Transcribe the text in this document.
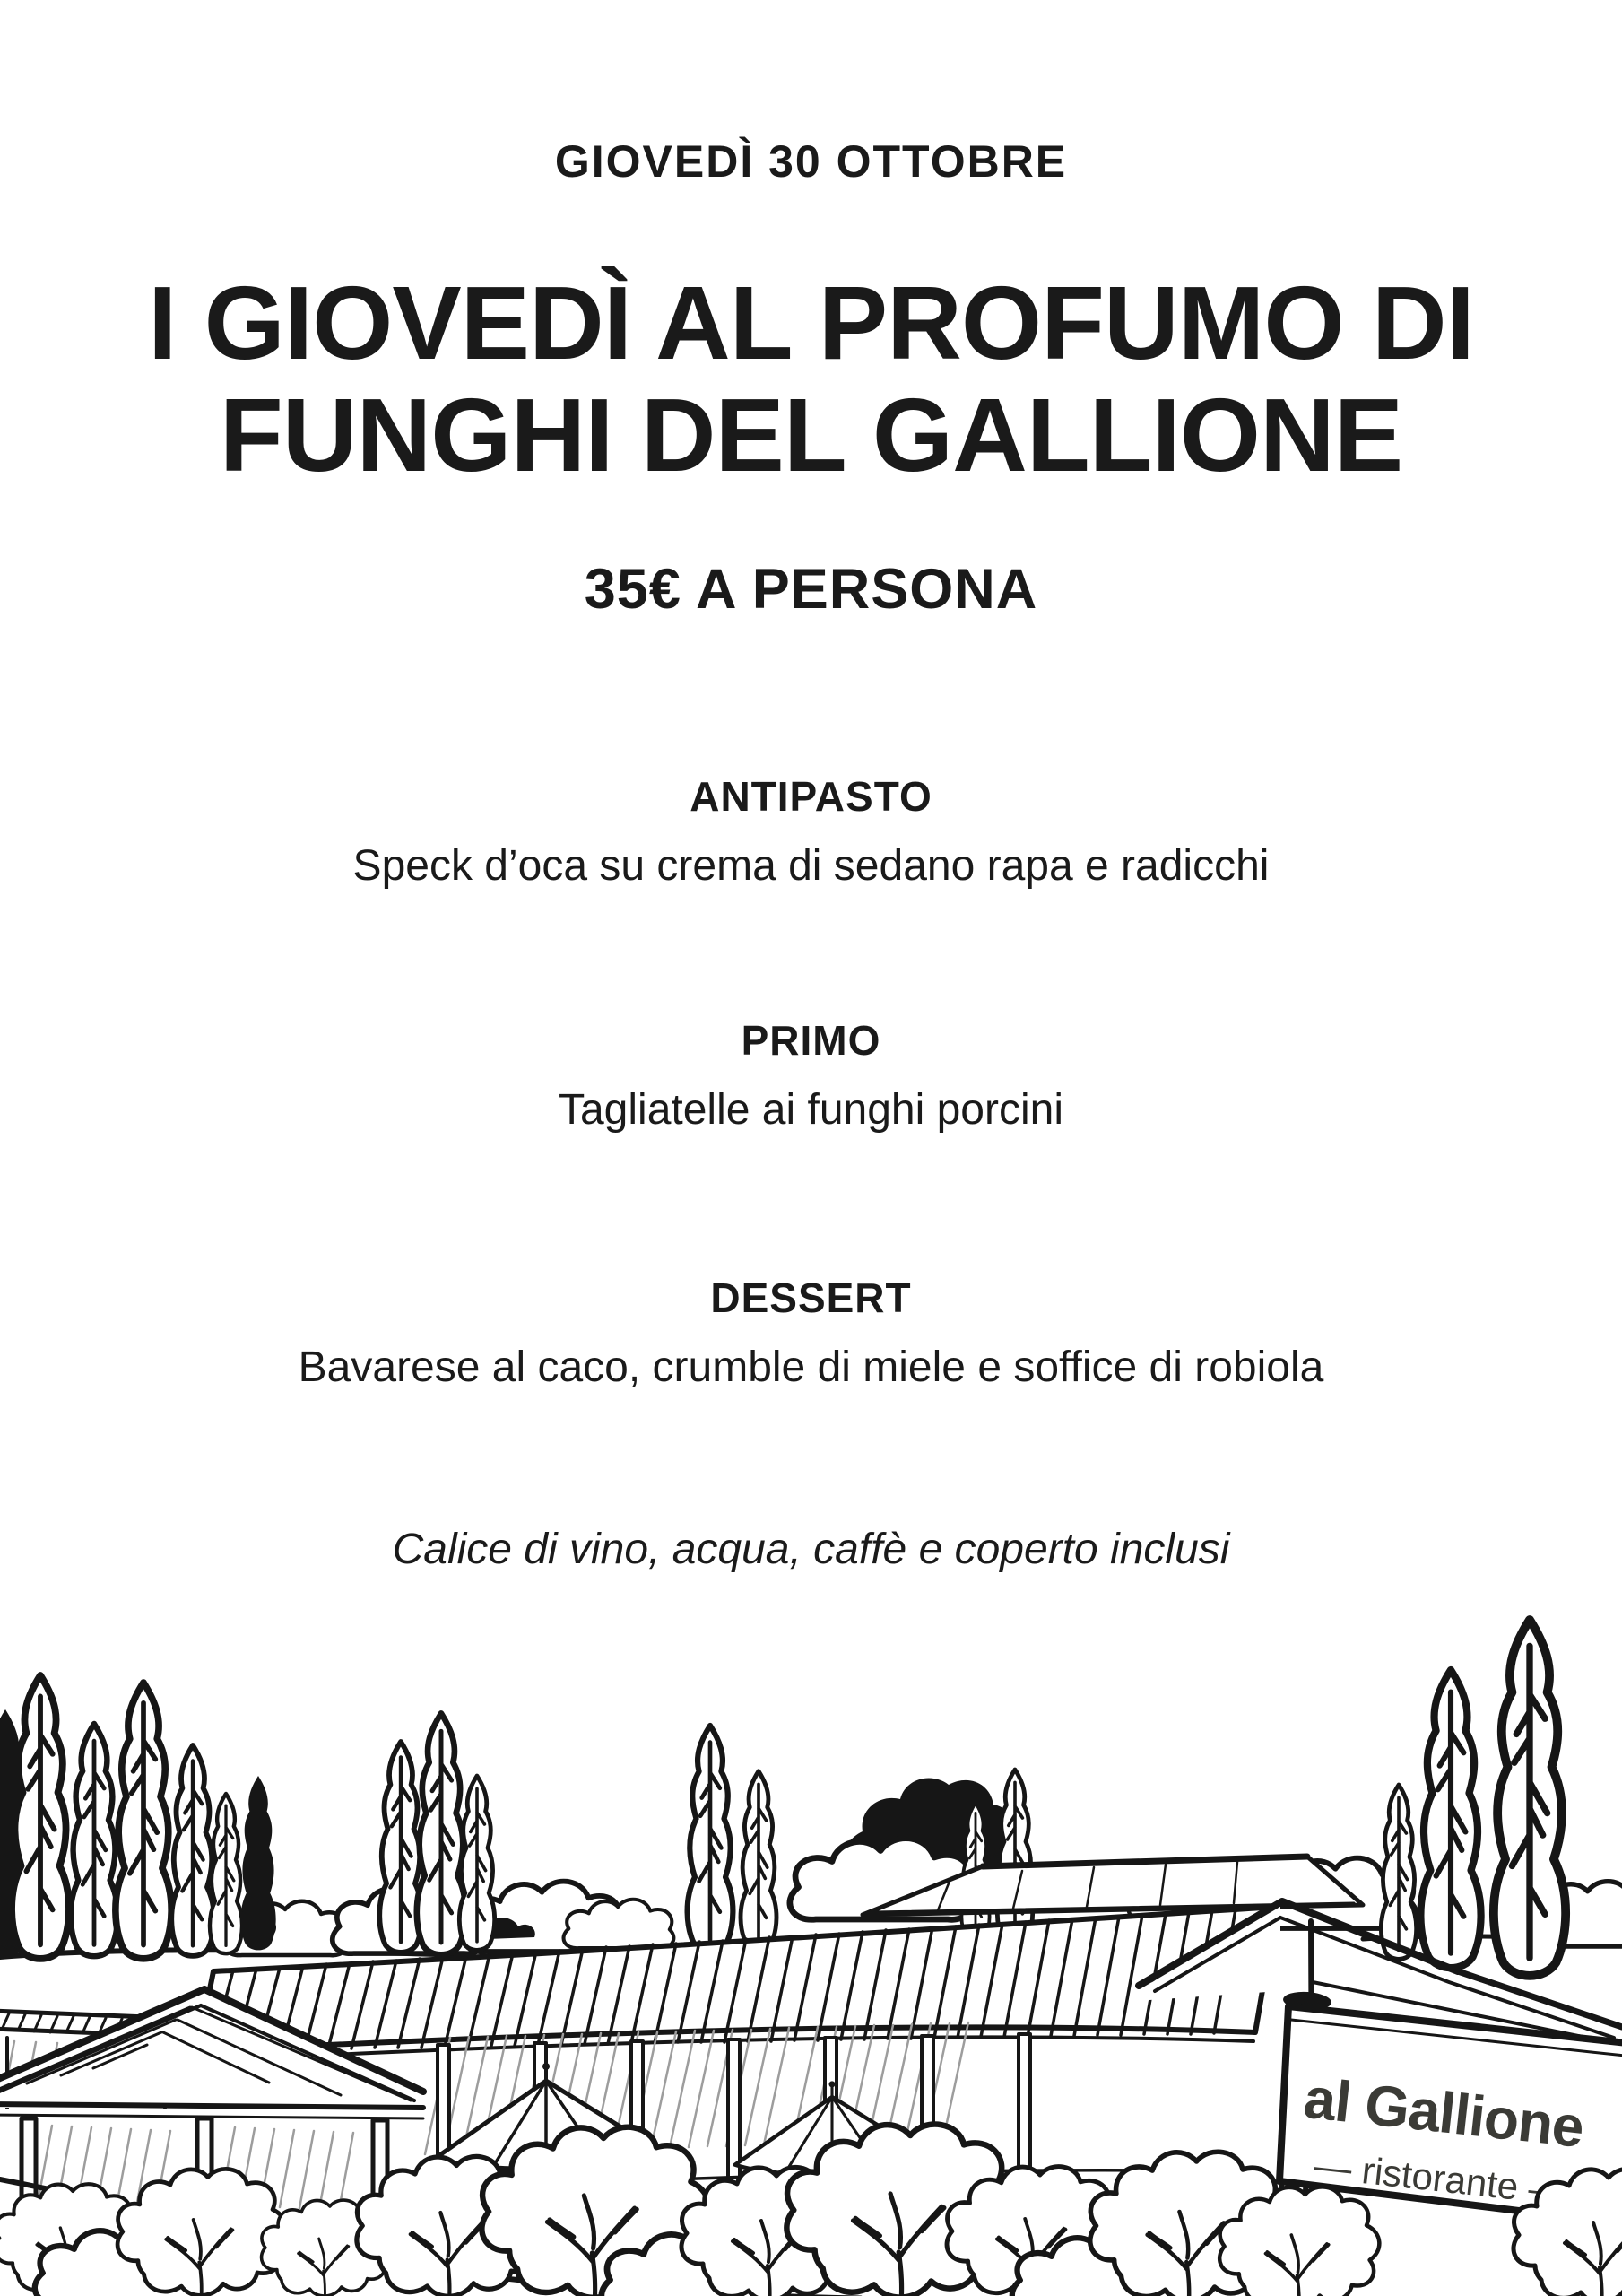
GIOVEDÌ 30 OTTOBRE
I GIOVEDÌ AL PROFUMO DI
FUNGHI DEL GALLIONE
35€ A PERSONA
ANTIPASTO
Speck d’oca su crema di sedano rapa e radicchi
PRIMO
Tagliatelle ai funghi porcini
DESSERT
Bavarese al caco, crumble di miele e soffice di robiola
Calice di vino, acqua, caffè e coperto inclusi
al Gallione
— ristorante —
